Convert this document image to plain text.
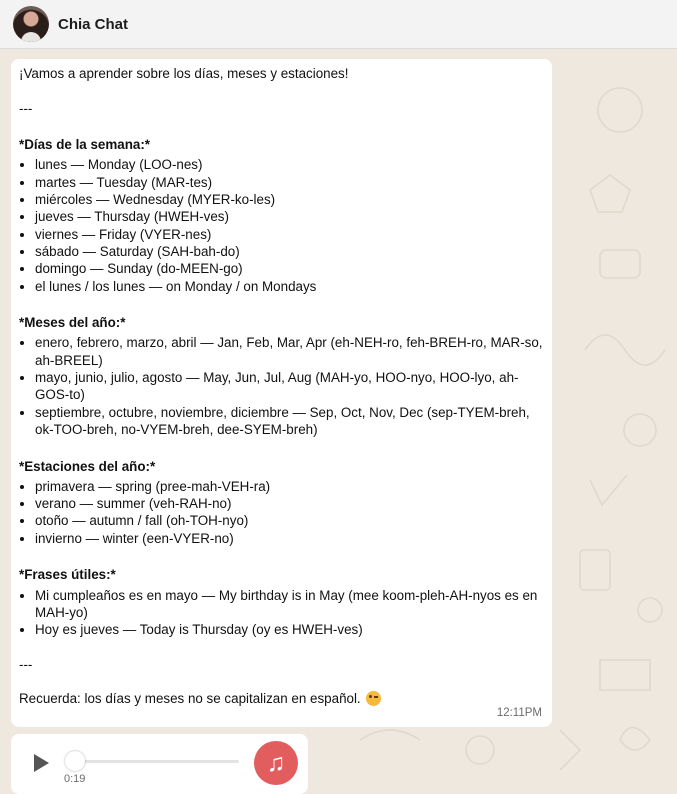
Chia Chat
¡Vamos a aprender sobre los días, meses y estaciones!
---
*Días de la semana:*
• lunes — Monday (LOO-nes)
• martes — Tuesday (MAR-tes)
• miércoles — Wednesday (MYER-ko-les)
• jueves — Thursday (HWEH-ves)
• viernes — Friday (VYER-nes)
• sábado — Saturday (SAH-bah-do)
• domingo — Sunday (do-MEEN-go)
• el lunes / los lunes — on Monday / on Mondays
*Meses del año:*
• enero, febrero, marzo, abril — Jan, Feb, Mar, Apr (eh-NEH-ro, feh-BREH-ro, MAR-so, ah-BREEL)
• mayo, junio, julio, agosto — May, Jun, Jul, Aug (MAH-yo, HOO-nyo, HOO-lyo, ah-GOS-to)
• septiembre, octubre, noviembre, diciembre — Sep, Oct, Nov, Dec (sep-TYEM-breh, ok-TOO-breh, no-VYEM-breh, dee-SYEM-breh)
*Estaciones del año:*
• primavera — spring (pree-mah-VEH-ra)
• verano — summer (veh-RAH-no)
• otoño — autumn / fall (oh-TOH-nyo)
• invierno — winter (een-VYER-no)
*Frases útiles:*
• Mi cumpleaños es en mayo — My birthday is in May (mee koom-pleh-AH-nyos es en MAH-yo)
• Hoy es jueves — Today is Thursday (oy es HWEH-ves)
---
Recuerda: los días y meses no se capitalizan en español.
12:11PM
0:19
♫
